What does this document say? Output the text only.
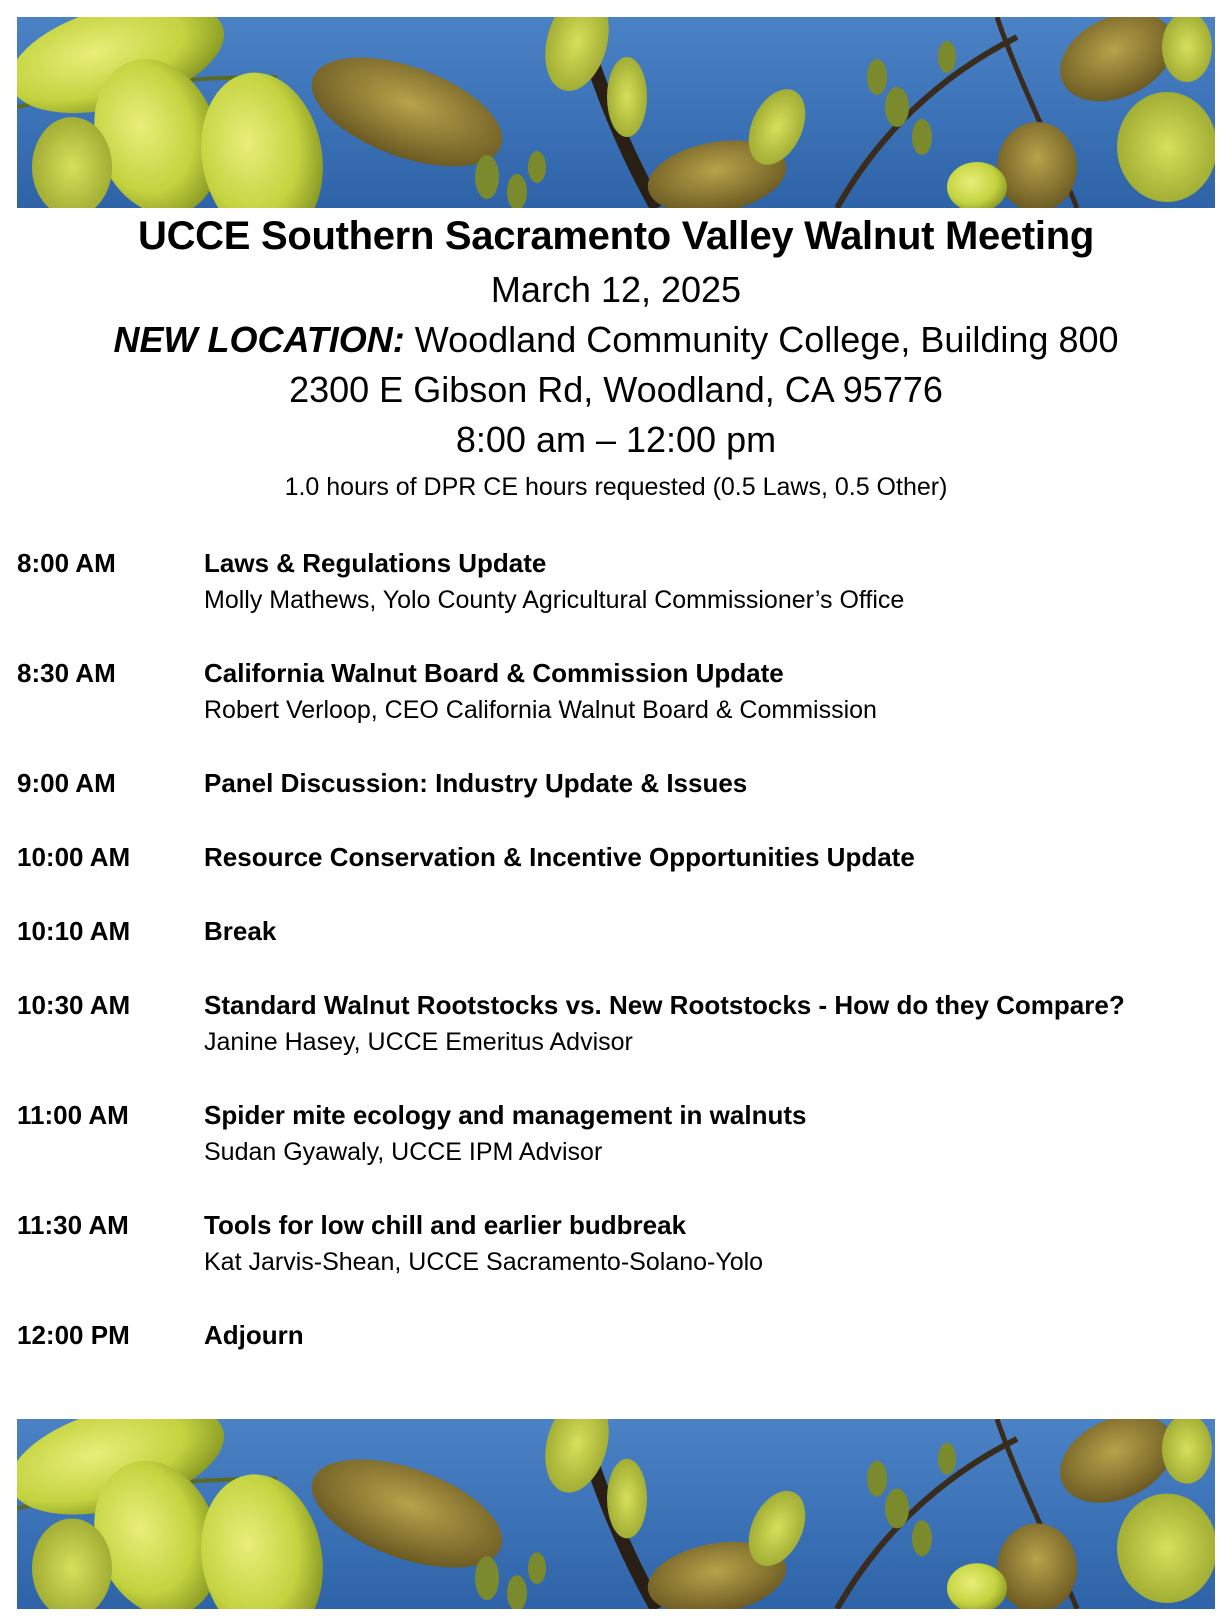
UCCE Southern Sacramento Valley Walnut Meeting
March 12, 2025
NEW LOCATION: Woodland Community College, Building 800
2300 E Gibson Rd, Woodland, CA 95776
8:00 am – 12:00 pm
1.0 hours of DPR CE hours requested (0.5 Laws, 0.5 Other)
8:00 AM	Laws & Regulations Update
Molly Mathews, Yolo County Agricultural Commissioner’s Office
8:30 AM	California Walnut Board & Commission Update
Robert Verloop, CEO California Walnut Board & Commission
9:00 AM	Panel Discussion: Industry Update & Issues
10:00 AM	Resource Conservation & Incentive Opportunities Update
10:10 AM	Break
10:30 AM	Standard Walnut Rootstocks vs. New Rootstocks - How do they Compare?
Janine Hasey, UCCE Emeritus Advisor
11:00 AM	Spider mite ecology and management in walnuts
Sudan Gyawaly, UCCE IPM Advisor
11:30 AM	Tools for low chill and earlier budbreak
Kat Jarvis-Shean, UCCE Sacramento-Solano-Yolo
12:00 PM	Adjourn
